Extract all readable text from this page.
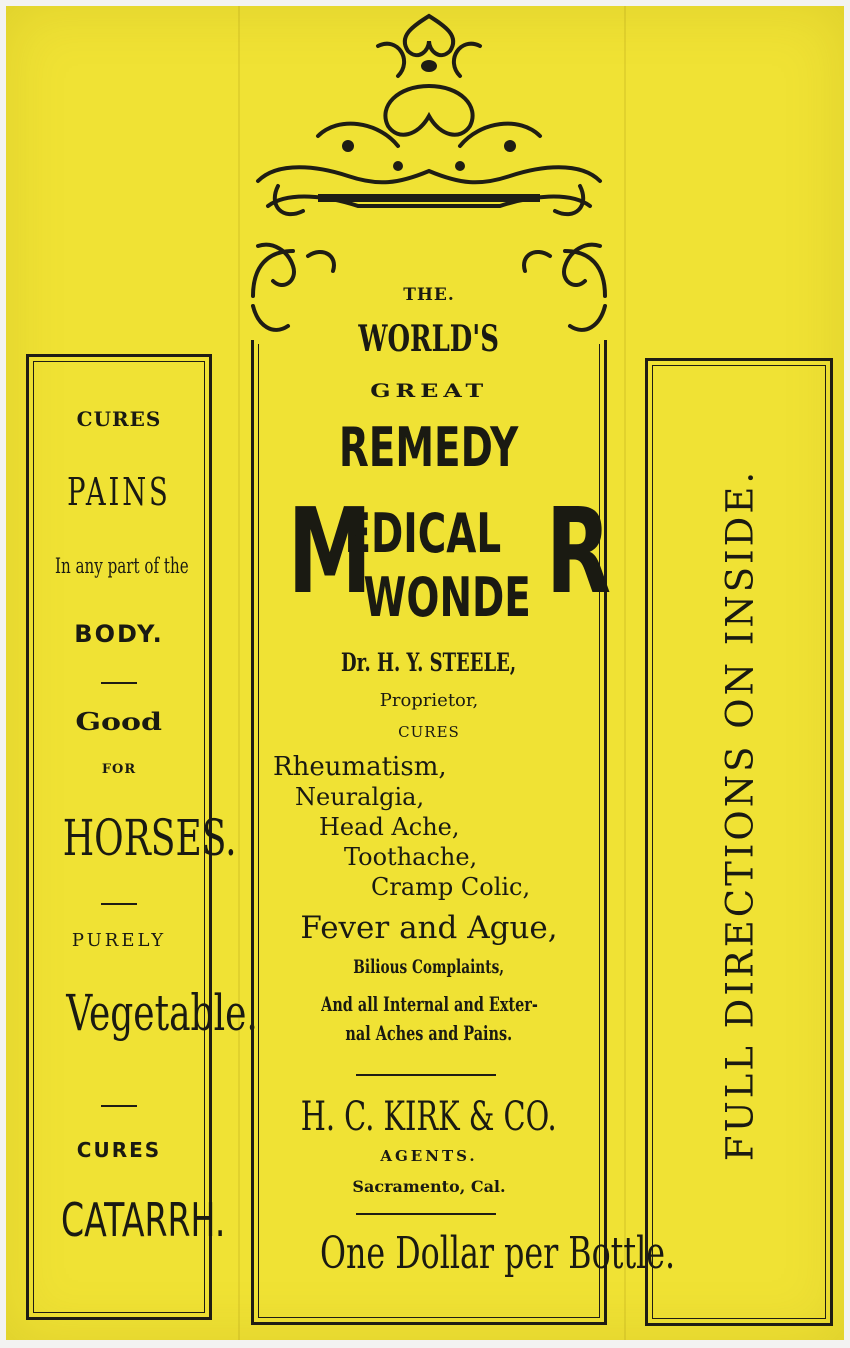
CURES
PAINS
In any part of the
BODY.
Good
FOR
HORSES.
PURELY
Vegetable.
CURES
CATARRH.
THE.
WORLD'S
GREAT
REMEDY
M
EDICAL
WONDE R
Dr. H. Y. STEELE,
Proprietor,
CURES
Rheumatism,
Neuralgia,
Head Ache,
Toothache,
Cramp Colic,
Fever and Ague,
Bilious Complaints,
And all Internal and Exter-
nal Aches and Pains.
H. C. KIRK & CO.
AGENTS.
Sacramento, Cal.
One Dollar per Bottle.
FULL DIRECTIONS ON INSIDE.
